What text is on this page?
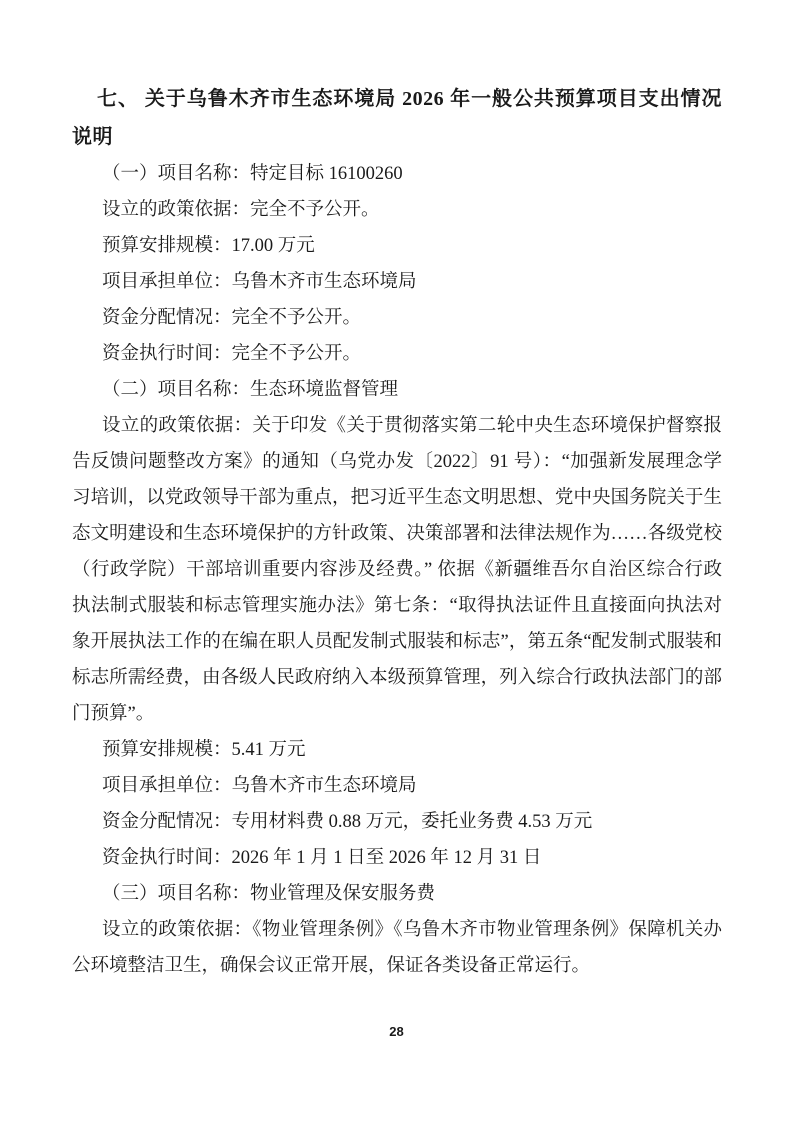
七、 关于乌鲁木齐市生态环境局 2026 年一般公共预算项目支出情况说明

（一）项目名称：特定目标 16100260

设立的政策依据：完全不予公开。

预算安排规模：17.00 万元

项目承担单位：乌鲁木齐市生态环境局

资金分配情况：完全不予公开。

资金执行时间：完全不予公开。

（二）项目名称：生态环境监督管理

设立的政策依据：关于印发《关于贯彻落实第二轮中央生态环境保护督察报告反馈问题整改方案》的通知（乌党办发〔2022〕91 号）：“加强新发展理念学习培训，以党政领导干部为重点，把习近平生态文明思想、党中央国务院关于生态文明建设和生态环境保护的方针政策、决策部署和法律法规作为……各级党校（行政学院）干部培训重要内容涉及经费。” 依据《新疆维吾尔自治区综合行政执法制式服装和标志管理实施办法》第七条：“取得执法证件且直接面向执法对象开展执法工作的在编在职人员配发制式服装和标志”，第五条“配发制式服装和标志所需经费，由各级人民政府纳入本级预算管理，列入综合行政执法部门的部门预算”。

预算安排规模：5.41 万元

项目承担单位：乌鲁木齐市生态环境局

资金分配情况：专用材料费 0.88 万元，委托业务费 4.53 万元

资金执行时间：2026 年 1 月 1 日至 2026 年 12 月 31 日

（三）项目名称：物业管理及保安服务费

设立的政策依据：《物业管理条例》《乌鲁木齐市物业管理条例》保障机关办公环境整洁卫生，确保会议正常开展，保证各类设备正常运行。

28
